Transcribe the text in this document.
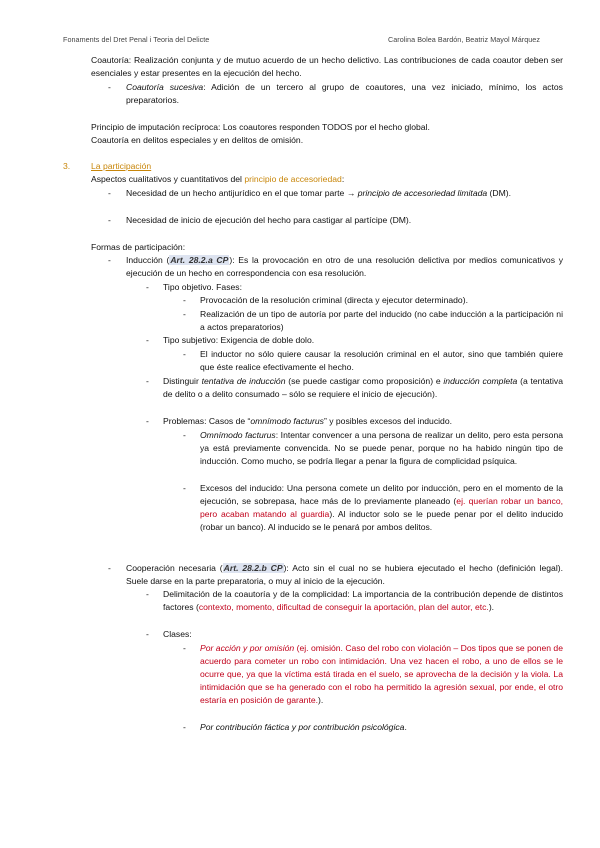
Fonaments del Dret Penal i Teoria del Delicte	Carolina Bolea Bardón, Beatriz Mayol Márquez
Coautoría: Realización conjunta y de mutuo acuerdo de un hecho delictivo. Las contribuciones de cada coautor deben ser esenciales y estar presentes en la ejecución del hecho.
- Coautoría sucesiva: Adición de un tercero al grupo de coautores, una vez iniciado, mínimo, los actos preparatorios.
Principio de imputación recíproca: Los coautores responden TODOS por el hecho global.
Coautoría en delitos especiales y en delitos de omisión.
3. La participación
Aspectos cualitativos y cuantitativos del principio de accesoriedad:
- Necesidad de un hecho antijurídico en el que tomar parte → principio de accesoriedad limitada (DM).
- Necesidad de inicio de ejecución del hecho para castigar al partícipe (DM).
Formas de participación:
- Inducción (Art. 28.2.a CP): Es la provocación en otro de una resolución delictiva por medios comunicativos y ejecución de un hecho en correspondencia con esa resolución.
- Tipo objetivo. Fases:
- Provocación de la resolución criminal (directa y ejecutor determinado).
- Realización de un tipo de autoría por parte del inducido (no cabe inducción a la participación ni a actos preparatorios)
- Tipo subjetivo: Exigencia de doble dolo.
- El inductor no sólo quiere causar la resolución criminal en el autor, sino que también quiere que éste realice efectivamente el hecho.
- Distinguir tentativa de inducción (se puede castigar como proposición) e inducción completa (a tentativa de delito o a delito consumado – sólo se requiere el inicio de ejecución).
- Problemas: Casos de “omnímodo facturus” y posibles excesos del inducido.
- Omnímodo facturus: Intentar convencer a una persona de realizar un delito, pero esta persona ya está previamente convencida. No se puede penar, porque no ha habido ningún tipo de inducción. Como mucho, se podría llegar a penar la figura de complicidad psíquica.
- Excesos del inducido: Una persona comete un delito por inducción, pero en el momento de la ejecución, se sobrepasa, hace más de lo previamente planeado (ej. querían robar un banco, pero acaban matando al guardia). Al inductor solo se le puede penar por el delito inducido (robar un banco). Al inducido se le penará por ambos delitos.
- Cooperación necesaria (Art. 28.2.b CP): Acto sin el cual no se hubiera ejecutado el hecho (definición legal). Suele darse en la parte preparatoria, o muy al inicio de la ejecución.
- Delimitación de la coautoría y de la complicidad: La importancia de la contribución depende de distintos factores (contexto, momento, dificultad de conseguir la aportación, plan del autor, etc.).
- Clases:
- Por acción y por omisión (ej. omisión. Caso del robo con violación – Dos tipos que se ponen de acuerdo para cometer un robo con intimidación. Una vez hacen el robo, a uno de ellos se le ocurre que, ya que la víctima está tirada en el suelo, se aprovecha de la decisión y la viola. La intimidación que se ha generado con el robo ha permitido la agresión sexual, por ende, el otro estaría en posición de garante.).
- Por contribución fáctica y por contribución psicológica.
